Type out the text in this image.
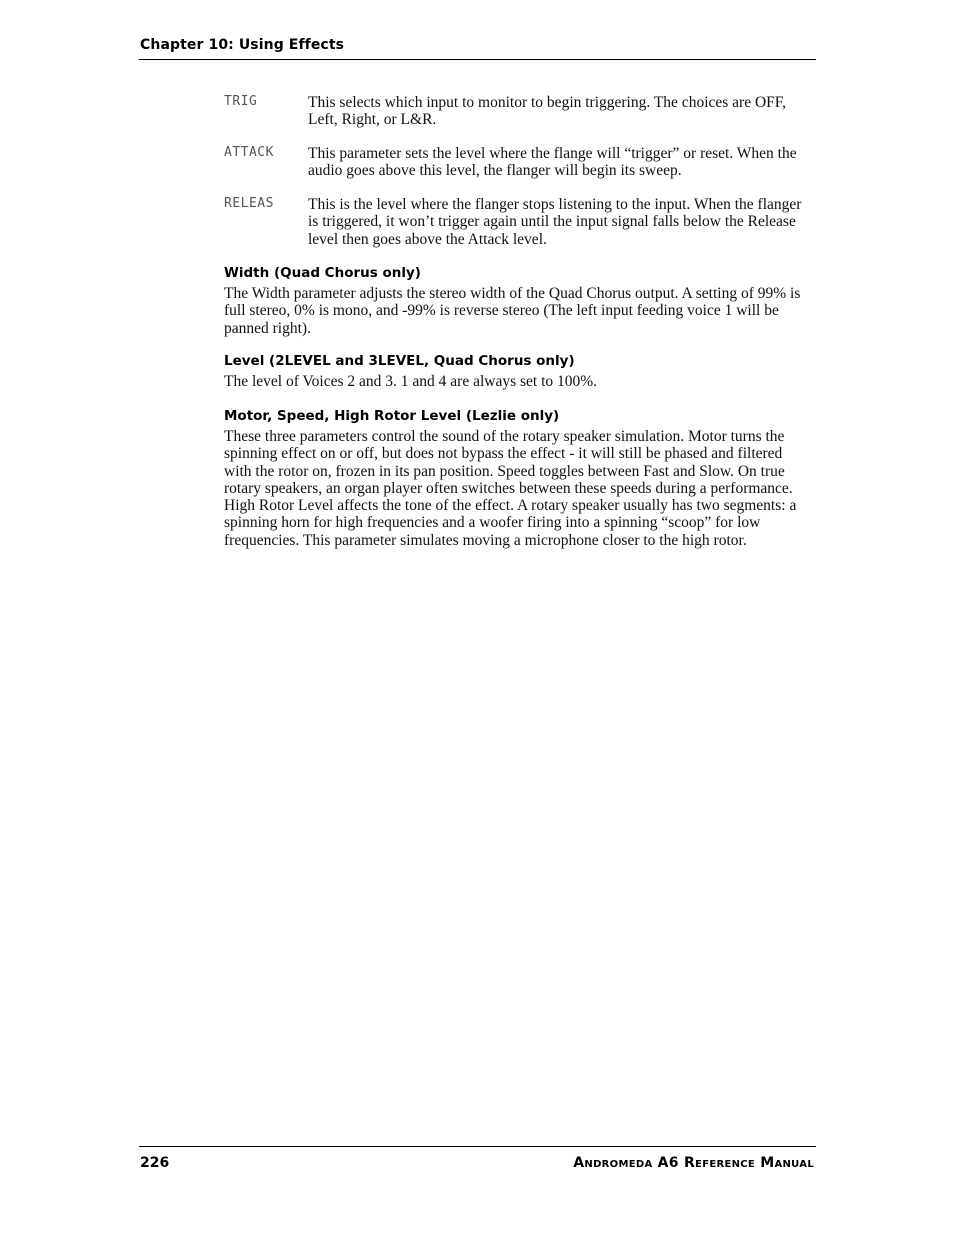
Chapter 10: Using Effects
TRIG	This selects which input to monitor to begin triggering. The choices are OFF, Left, Right, or L&R.
ATTACK This parameter sets the level where the flange will “trigger” or reset. When the audio goes above this level, the flanger will begin its sweep.
RELEAS This is the level where the flanger stops listening to the input. When the flanger is triggered, it won’t trigger again until the input signal falls below the Release level then goes above the Attack level.
Width (Quad Chorus only)
The Width parameter adjusts the stereo width of the Quad Chorus output. A setting of 99% is full stereo, 0% is mono, and -99% is reverse stereo (The left input feeding voice 1 will be panned right).
Level (2LEVEL and 3LEVEL, Quad Chorus only)
The level of Voices 2 and 3. 1 and 4 are always set to 100%.
Motor, Speed, High Rotor Level (Lezlie only)
These three parameters control the sound of the rotary speaker simulation. Motor turns the spinning effect on or off, but does not bypass the effect - it will still be phased and filtered with the rotor on, frozen in its pan position. Speed toggles between Fast and Slow. On true rotary speakers, an organ player often switches between these speeds during a performance. High Rotor Level affects the tone of the effect. A rotary speaker usually has two segments: a spinning horn for high frequencies and a woofer firing into a spinning “scoop” for low frequencies. This parameter simulates moving a microphone closer to the high rotor.
226	Andromeda A6 Reference Manual
